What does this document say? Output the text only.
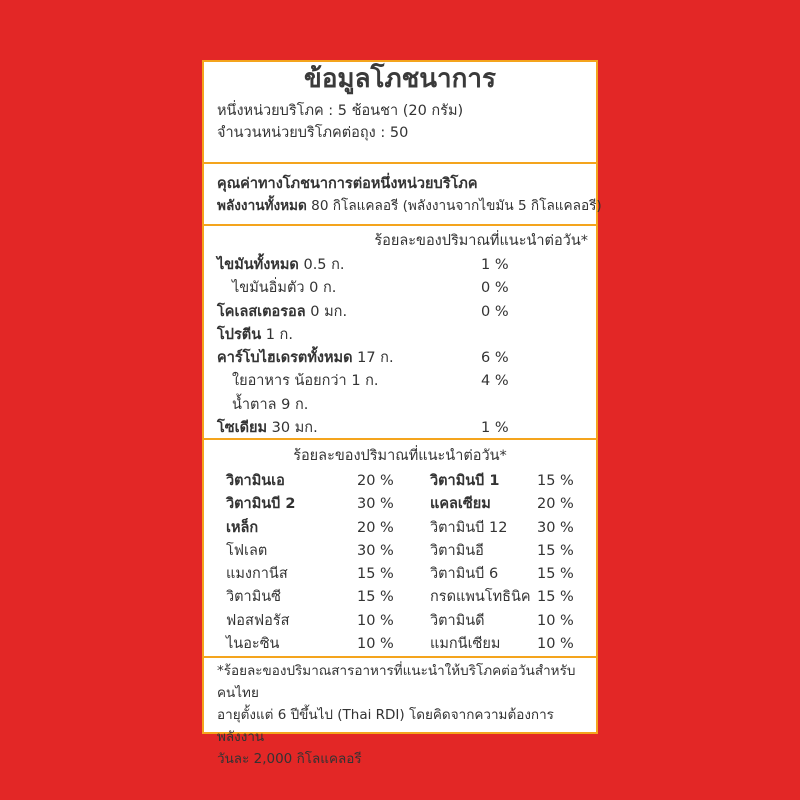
ข้อมูลโภชนาการ
หนึ่งหน่วยบริโภค : 5 ช้อนชา (20 กรัม)
จำนวนหน่วยบริโภคต่อถุง : 50
คุณค่าทางโภชนาการต่อหนึ่งหน่วยบริโภค
พลังงานทั้งหมด 80 กิโลแคลอรี (พลังงานจากไขมัน 5 กิโลแคลอรี)
ร้อยละของปริมาณที่แนะนำต่อวัน*
ไขมันทั้งหมด 0.5 ก.	1 %
ไขมันอิ่มตัว 0 ก.	0 %
โคเลสเตอรอล 0 มก.	0 %
โปรตีน 1 ก.
คาร์โบไฮเดรตทั้งหมด 17 ก.	6 %
ใยอาหาร น้อยกว่า 1 ก.	4 %
น้ำตาล 9 ก.
โซเดียม 30 มก.	1 %
ร้อยละของปริมาณที่แนะนำต่อวัน*
วิตามินเอ	20 % วิตามินบี 1	15 %
วิตามินบี 2	30 % แคลเซียม	20 %
เหล็ก	20 % วิตามินบี 12 30 %
โฟเลต	30 % วิตามินอี	15 %
แมงกานีส	15 % วิตามินบี 6	15 %
วิตามินซี	15 % กรดแพนโทธินิค 15 %
ฟอสฟอรัส	10 % วิตามินดี	10 %
ไนอะซิน	10 % แมกนีเซียม	10 %
*ร้อยละของปริมาณสารอาหารที่แนะนำให้บริโภคต่อวันสำหรับคนไทย
อายุตั้งแต่ 6 ปีขึ้นไป (Thai RDI) โดยคิดจากความต้องการพลังงาน
วันละ 2,000 กิโลแคลอรี
